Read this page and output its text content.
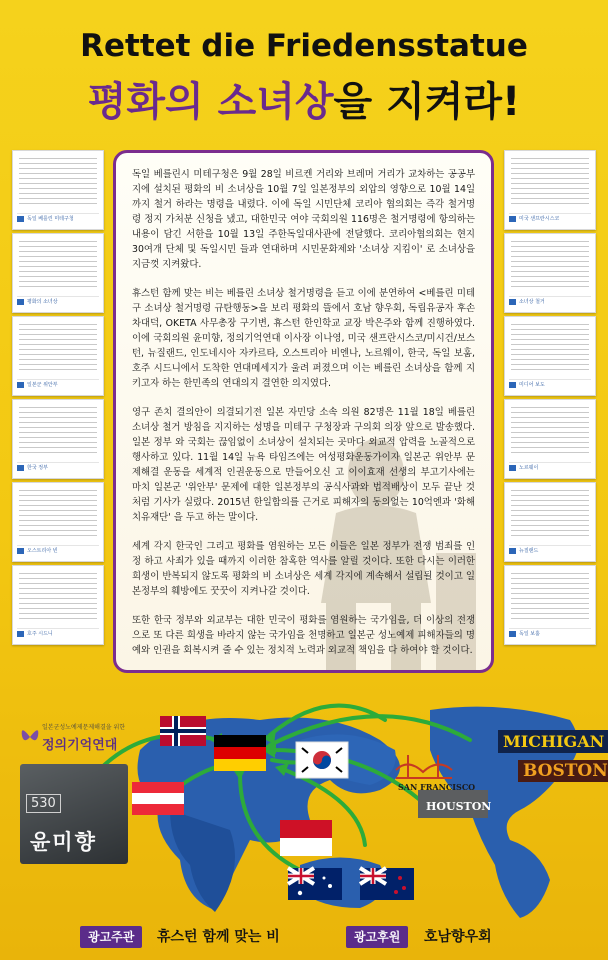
Rettet die Friedensstatue
평화의 소녀상을 지켜라!
독일 베를린 미테구청
평화의 소녀상
일본군 위안부
한국 정부
오스트리아 빈
호주 시드니
미국 샌프란시스코
소녀상 철거
미디어 보도
노르웨이
뉴질랜드
독일 보훔

독일 베를린시 미테구청은 9월 28일 비르켄 거리와 브레머 거리가 교차하는 공공부지에 설치된 평화의 비 소녀상을 10월 7일 일본정부의 외압의 영향으로 10월 14일까지 철거 하라는 명령을 내렸다. 이에 독일 시민단체 코리아 협의회는 즉각 철거명령 정지 가처분 신청을 냈고, 대한민국 여야 국회의원 116명은 철거명령에 항의하는 내용이 담긴 서한을 10월 13일 주한독일대사관에 전달했다. 코리아협의회는 현지 30여개 단체 및 독일시민 들과 연대하며 시민문화제와 '소녀상 지킴이' 로 소녀상을 지금껏 지켜왔다.

휴스턴 함께 맞는 비는 베를린 소녀상 철거명령을 듣고 이에 분연하여 <베를린 미테구 소녀상 철거명령 규탄행동>을 보리 평화의 뜰에서 호남 향우회, 독립유공자 후손 차대덕, OKETA 사무총장 구기변, 휴스턴 한인학교 교장 박은주와 함께 진행하였다. 이에 국회의원 윤미향, 정의기억연대 이사장 이나영, 미국 샌프란시스코/미시건/보스턴, 뉴질랜드, 인도네시아 자카르타, 오스트리아 비엔나, 노르웨이, 한국, 독일 보훔, 호주 시드니에서 도착한 연대메세지가 울려 퍼졌으며 이는 베를린 소녀상을 함께 지키고자 하는 한민족의 연대의지 결연한 의지였다.

영구 존치 결의안이 의결되기전 일본 자민당 소속 의원 82명은 11월 18일 베를린 소녀상 철거 방침을 지지하는 성명을 미테구 구청장과 구의회 의장 앞으로 발송했다. 일본 정부 와 국회는 끊임없이 소녀상이 설치되는 곳마다 외교적 압력을 노골적으로 행사하고 있다. 11월 14일 뉴욕 타임즈에는 여성평화운동가이자 일본군 위안부 문제해결 운동을 세계적 인권운동으로 만들어오신 고 이이효재 선생의 부고기사에는 마치 일본군 '위안부' 문제에 대한 일본정부의 공식사과와 법적배상이 모두 끝난 것 처럼 기사가 실렸다. 2015년 한일합의를 근거로 피해자의 동의없는 10억엔과 '화해치유재단' 을 두고 하는 말이다.

세계 각지 한국인 그리고 평화를 염원하는 모든 이들은 일본 정부가 전쟁 범죄를 인정 하고 사죄가 있을 때까지 이러한 참혹한 역사를 알릴 것이다. 또한 다시는 이러한 희생이 반복되지 않도록 평화의 비 소녀상은 세계 각지에 계속해서 설립될 것이고 일본정부의 훼방에도 꿋꿋이 지켜나갈 것이다.

또한 한국 정부와 외교부는 대한 민국이 평화를 염원하는 국가임을, 더 이상의 전쟁으로 또 다른 희생을 바라지 않는 국가임을 천명하고 일본군 성노예제 피해자들의 명예와 인권을 회복시켜 줄 수 있는 정치적 노력과 외교적 책임을 다 하여야 할 것이다.

MICHIGAN
BOSTON
SAN FRANCISCO
HOUSTON
일본군성노예제문제해결을 위한
정의기억연대
530
윤미향
광고주관	휴스턴 함께 맞는 비	광고후원	호남향우회
